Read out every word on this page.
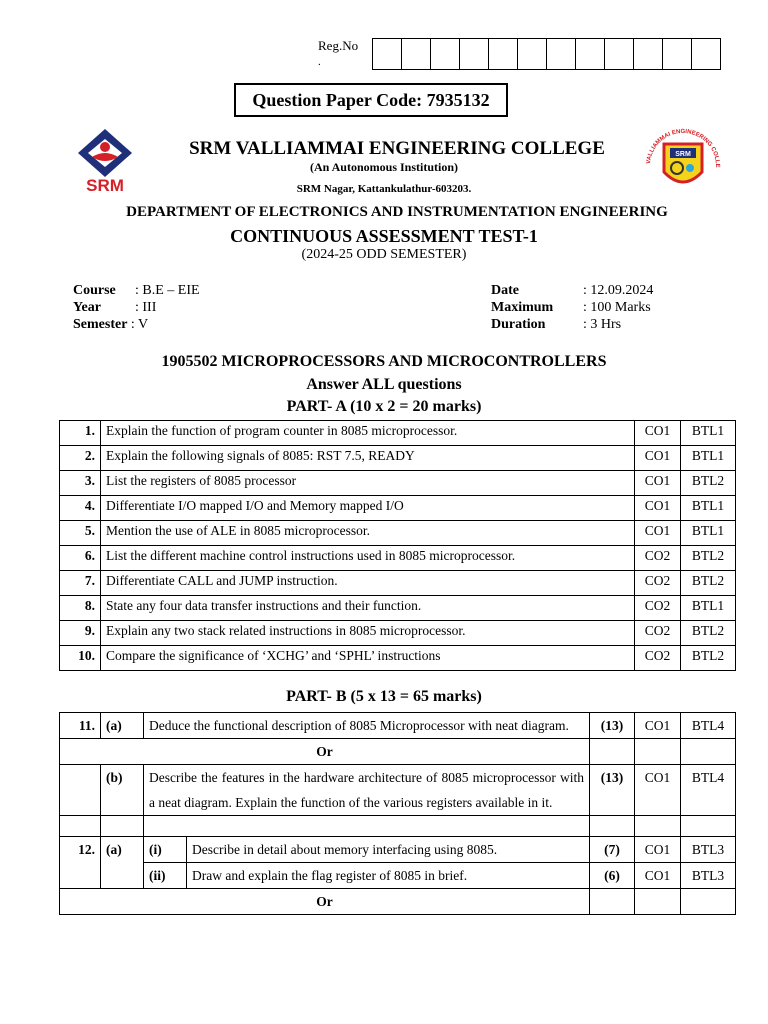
Reg.No
.
Question Paper Code: 7935132
SRM
VALLIAMMAI ENGINEERING COLLE
SRM
SRM VALLIAMMAI ENGINEERING COLLEGE
(An Autonomous Institution)
SRM Nagar, Kattankulathur-603203.
DEPARTMENT OF ELECTRONICS AND INSTRUMENTATION ENGINEERING
CONTINUOUS ASSESSMENT TEST-1
(2024-25 ODD SEMESTER)
Course : B.E – EIE
Year : III
Semester : V
Date	: 12.09.2024
Maximum : 100 Marks
Duration	: 3 Hrs
1905502 MICROPROCESSORS AND MICROCONTROLLERS
Answer ALL questions
PART- A (10 x 2 = 20 marks)
1.	Explain the function of program counter in 8085 microprocessor.	CO1	BTL1
2.	Explain the following signals of 8085: RST 7.5, READY	CO1	BTL1
3.	List the registers of 8085 processor	CO1	BTL2
4.	Differentiate I/O mapped I/O and Memory mapped I/O	CO1	BTL1
5.	Mention the use of ALE in 8085 microprocessor.	CO1	BTL1
6.	List the different machine control instructions used in 8085 microprocessor.	CO2	BTL2
7.	Differentiate CALL and JUMP instruction.	CO2	BTL2
8.	State any four data transfer instructions and their function.	CO2	BTL1
9.	Explain any two stack related instructions in 8085 microprocessor.	CO2	BTL2
10.	Compare the significance of ‘XCHG’ and ‘SPHL’ instructions	CO2	BTL2
PART- B (5 x 13 = 65 marks)
11.	(a)	Deduce the functional description of 8085 Microprocessor with neat diagram.		(13)	CO1	BTL4
Or						
	(b)	Describe the features in the hardware architecture of 8085 microprocessor with a neat diagram. Explain the function of the various registers available in it.		(13)	CO1	BTL4

12.	(a)	(i)	Describe in detail about memory interfacing using 8085.	(7)	CO1	BTL3
		(ii)	Draw and explain the flag register of 8085 in brief.	(6)	CO1	BTL3
Or						
